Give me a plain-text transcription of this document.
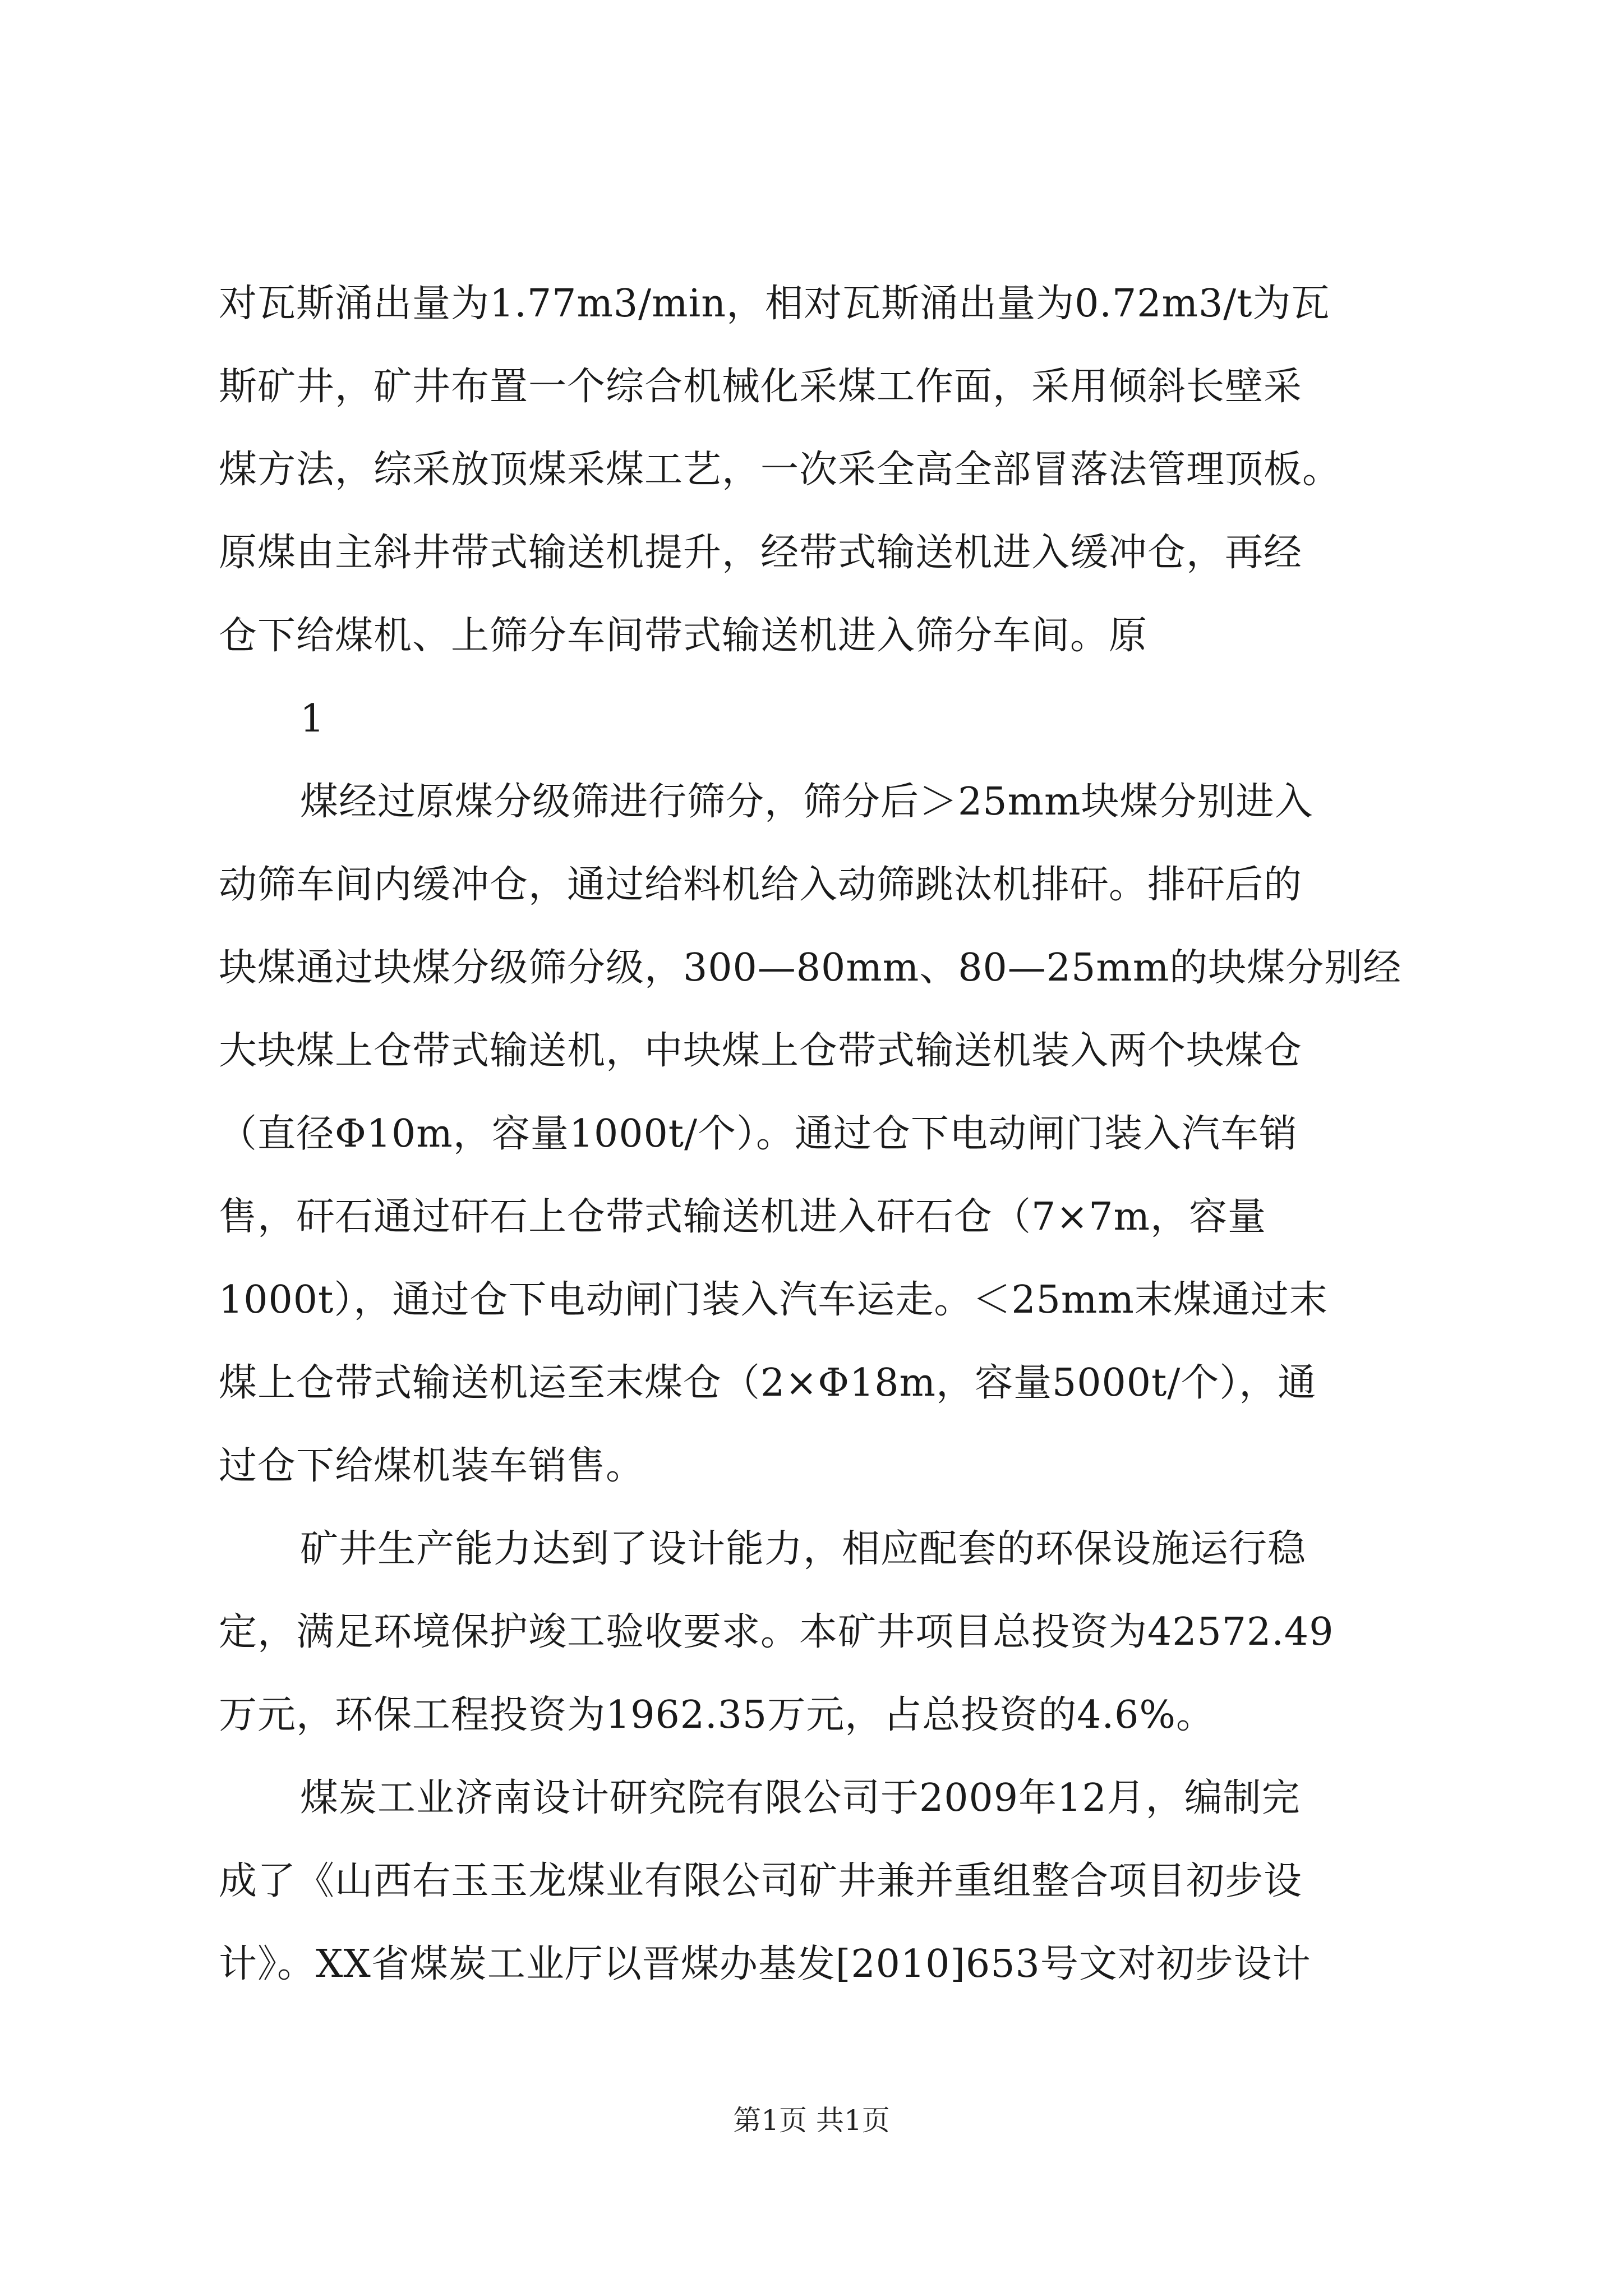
对瓦斯涌出量为1.77m3/min，相对瓦斯涌出量为0.72m3/t为瓦
斯矿井，矿井布置一个综合机械化采煤工作面，采用倾斜长壁采
煤方法，综采放顶煤采煤工艺，一次采全高全部冒落法管理顶板。
原煤由主斜井带式输送机提升，经带式输送机进入缓冲仓，再经
仓下给煤机、上筛分车间带式输送机进入筛分车间。原
1
煤经过原煤分级筛进行筛分，筛分后＞25mm块煤分别进入
动筛车间内缓冲仓，通过给料机给入动筛跳汰机排矸。排矸后的
块煤通过块煤分级筛分级，300—80mm、80—25mm的块煤分别经
大块煤上仓带式输送机，中块煤上仓带式输送机装入两个块煤仓
（直径Φ10m，容量1000t/个）。通过仓下电动闸门装入汽车销
售，矸石通过矸石上仓带式输送机进入矸石仓（7×7m，容量
1000t），通过仓下电动闸门装入汽车运走。＜25mm末煤通过末
煤上仓带式输送机运至末煤仓（2×Φ18m，容量5000t/个），通
过仓下给煤机装车销售。
矿井生产能力达到了设计能力，相应配套的环保设施运行稳
定，满足环境保护竣工验收要求。本矿井项目总投资为42572.49
万元，环保工程投资为1962.35万元，占总投资的4.6%。
煤炭工业济南设计研究院有限公司于2009年12月，编制完
成了《山西右玉玉龙煤业有限公司矿井兼并重组整合项目初步设
计》。XX省煤炭工业厅以晋煤办基发[2010]653号文对初步设计
第1页 共1页
